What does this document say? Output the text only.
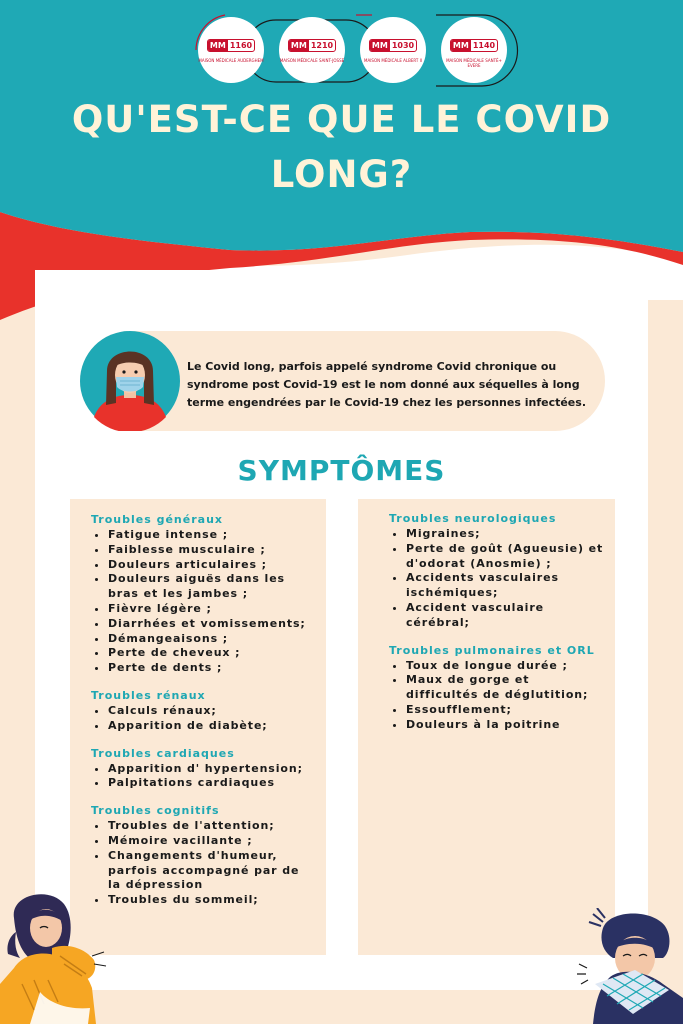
MM 1160
MAISON MÉDICALE AUDERGHEM
MM 1210
MAISON MÉDICALE SAINT-JOSSE
MM 1030
MAISON MÉDICALE ALBERT II
MM 1140
MAISON MÉDICALE SANTÉ+ EVERE
QU'EST-CE QUE LE COVID LONG?

Le Covid long, parfois appelé syndrome Covid chronique ou syndrome post Covid-19 est le nom donné aux séquelles à long terme engendrées par le Covid-19 chez les personnes infectées.

SYMPTÔMES

Troubles généraux

• Fatigue intense ;
• Faiblesse musculaire ;
• Douleurs articulaires ;
• Douleurs aiguës dans les bras et les jambes ;
• Fièvre légère ;
• Diarrhées et vomissements;
• Démangeaisons ;
• Perte de cheveux ;
• Perte de dents ;

Troubles rénaux

• Calculs rénaux;
• Apparition de diabète;

Troubles cardiaques

• Apparition d' hypertension;
• Palpitations cardiaques

Troubles cognitifs

• Troubles de l'attention;
• Mémoire vacillante ;
• Changements d'humeur, parfois accompagné par de la dépression
• Troubles du sommeil;

Troubles neurologiques

• Migraines;
• Perte de goût (Agueusie) et d'odorat (Anosmie) ;
• Accidents vasculaires ischémiques;
• Accident vasculaire cérébral;

Troubles pulmonaires et ORL

• Toux de longue durée ;
• Maux de gorge et difficultés de déglutition;
• Essoufflement;
• Douleurs à la poitrine
